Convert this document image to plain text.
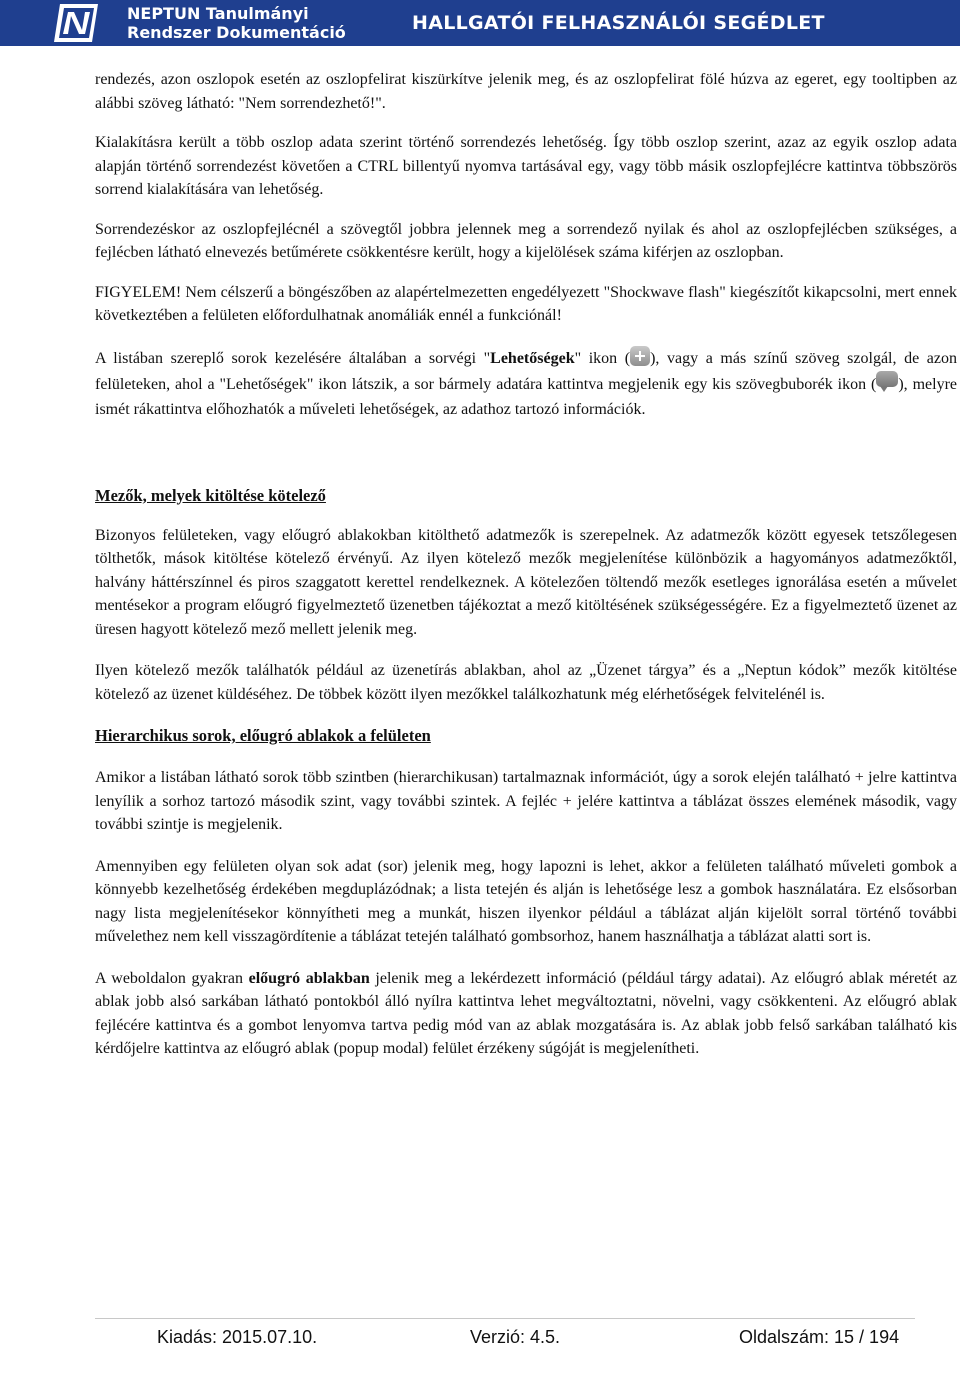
NEPTUN Tanulmányi
Rendszer Dokumentáció	HALLGATÓI FELHASZNÁLÓI SEGÉDLET

rendezés, azon oszlopok esetén az oszlopfelirat kiszürkítve jelenik meg, és az oszlopfelirat fölé húzva az egeret, egy tooltipben az alábbi szöveg látható: "Nem sorrendezhető!".

Kialakításra került a több oszlop adata szerint történő sorrendezés lehetőség. Így több oszlop szerint, azaz az egyik oszlop adata alapján történő sorrendezést követően a CTRL billentyű nyomva tartásával egy, vagy több másik oszlopfejlécre kattintva többszörös sorrend kialakítására van lehetőség.

Sorrendezéskor az oszlopfejlécnél a szövegtől jobbra jelennek meg a sorrendező nyilak és ahol az oszlopfejlécben szükséges, a fejlécben látható elnevezés betűmérete csökkentésre került, hogy a kijelölések száma kiférjen az oszlopban.

FIGYELEM! Nem célszerű a böngészőben az alapértelmezetten engedélyezett "Shockwave flash" kiegészítőt kikapcsolni, mert ennek következtében a felületen előfordulhatnak anomáliák ennél a funkciónál!

A listában szereplő sorok kezelésére általában a sorvégi "Lehetőségek" ikon ( ), vagy a más színű szöveg szolgál, de azon felületeken, ahol a "Lehetőségek" ikon látszik, a sor bármely adatára kattintva megjelenik egy kis szövegbuborék ikon ( ), melyre ismét rákattintva előhozhatók a műveleti lehetőségek, az adathoz tartozó információk.

Mezők, melyek kitöltése kötelező

Bizonyos felületeken, vagy előugró ablakokban kitölthető adatmezők is szerepelnek. Az adatmezők között egyesek tetszőlegesen tölthetők, mások kitöltése kötelező érvényű. Az ilyen kötelező mezők megjelenítése különbözik a hagyományos adatmezőktől, halvány háttérszínnel és piros szaggatott kerettel rendelkeznek. A kötelezően töltendő mezők esetleges ignorálása esetén a művelet mentésekor a program előugró figyelmeztető üzenetben tájékoztat a mező kitöltésének szükségességére. Ez a figyelmeztető üzenet az üresen hagyott kötelező mező mellett jelenik meg.

Ilyen kötelező mezők találhatók például az üzenetírás ablakban, ahol az „Üzenet tárgya” és a „Neptun kódok” mezők kitöltése kötelező az üzenet küldéséhez. De többek között ilyen mezőkkel találkozhatunk még elérhetőségek felvitelénél is.

Hierarchikus sorok, előugró ablakok a felületen

Amikor a listában látható sorok több szintben (hierarchikusan) tartalmaznak információt, úgy a sorok elején található + jelre kattintva lenyílik a sorhoz tartozó második szint, vagy további szintek. A fejléc + jelére kattintva a táblázat összes elemének második, vagy további szintje is megjelenik.

Amennyiben egy felületen olyan sok adat (sor) jelenik meg, hogy lapozni is lehet, akkor a felületen található műveleti gombok a könnyebb kezelhetőség érdekében megduplázódnak; a lista tetején és alján is lehetősége lesz a gombok használatára. Ez elsősorban nagy lista megjelenítésekor könnyítheti meg a munkát, hiszen ilyenkor például a táblázat alján kijelölt sorral történő további művelethez nem kell visszagördítenie a táblázat tetején található gombsorhoz, hanem használhatja a táblázat alatti sort is.

A weboldalon gyakran előugró ablakban jelenik meg a lekérdezett információ (például tárgy adatai). Az előugró ablak méretét az ablak jobb alsó sarkában látható pontokból álló nyílra kattintva lehet megváltoztatni, növelni, vagy csökkenteni. Az előugró ablak fejlécére kattintva és a gombot lenyomva tartva pedig mód van az ablak mozgatására is. Az ablak jobb felső sarkában található kis kérdőjelre kattintva az előugró ablak (popup modal) felület érzékeny súgóját is megjelenítheti.

Kiadás: 2015.07.10.	Verzió: 4.5.	Oldalszám: 15 / 194
